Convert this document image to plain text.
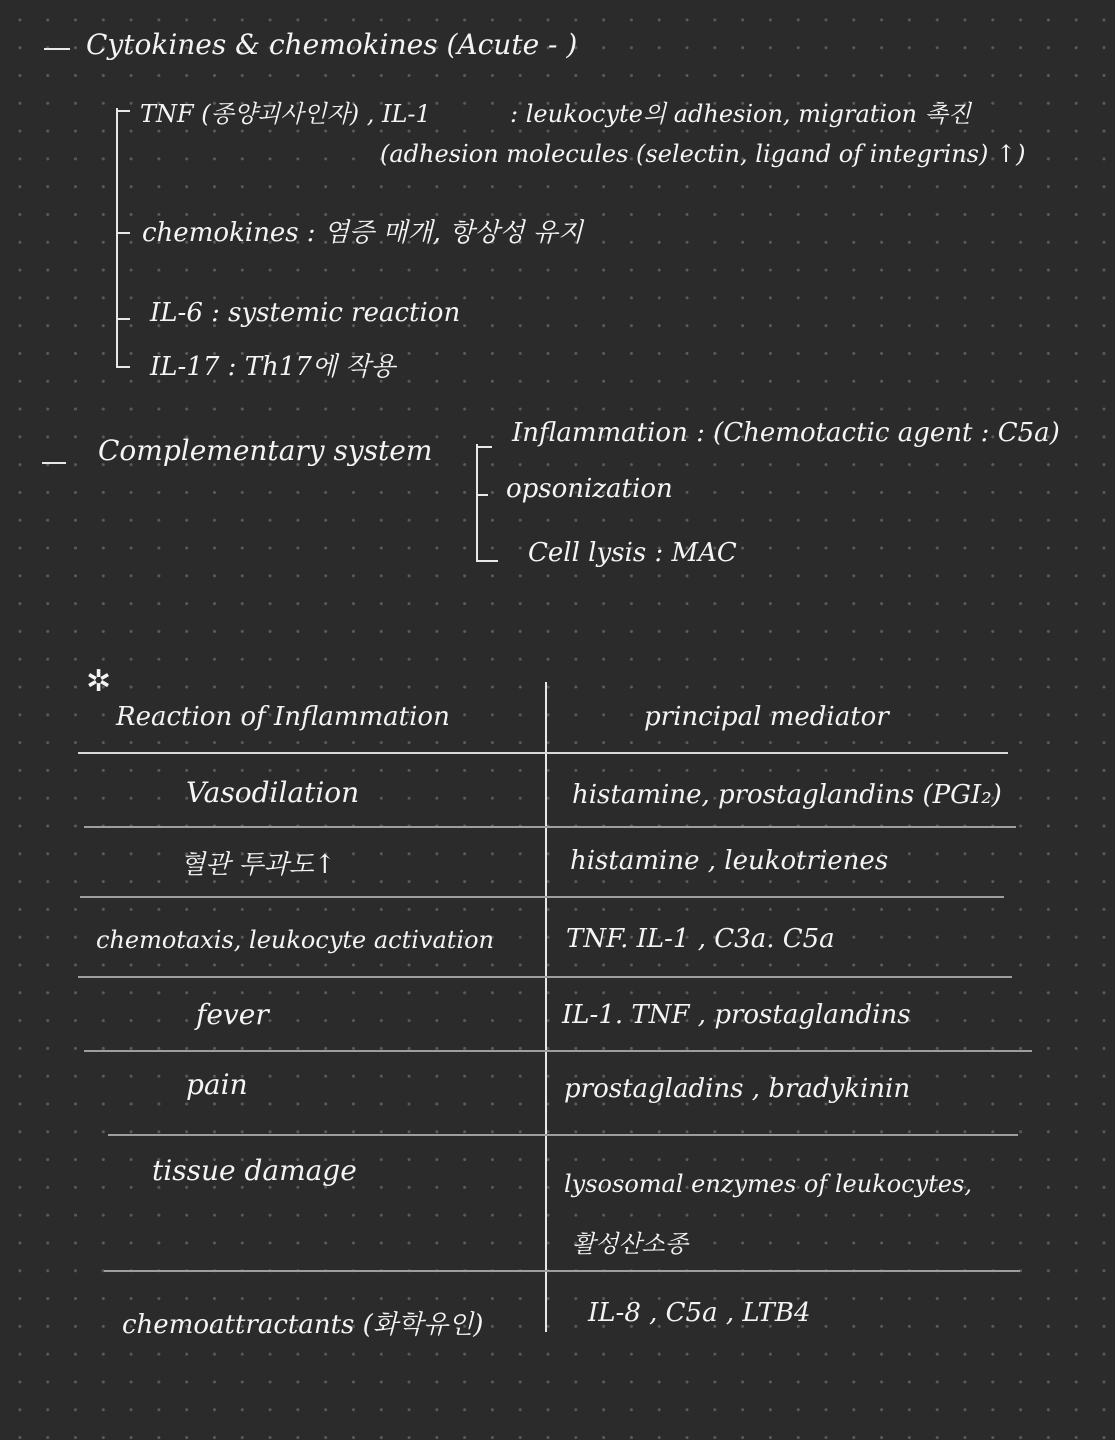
Cytokines & chemokines (Acute - )
TNF (종양괴사인자) , IL-1	: leukocyte의 adhesion, migration 촉진
(adhesion molecules (selectin, ligand of integrins) ↑)
chemokines : 염증 매개, 항상성 유지
IL-6 : systemic reaction
IL-17 : Th17에 작용
Complementary system
Inflammation : (Chemotactic agent : C5a)
opsonization
Cell lysis : MAC
✲
Reaction of Inflammation	principal mediator
Vasodilation	histamine, prostaglandins (PGI₂)
혈관 투과도↑	histamine , leukotrienes
chemotaxis, leukocyte activation	TNF. IL-1 , C3a. C5a
fever	IL-1. TNF , prostaglandins
pain	prostagladins , bradykinin
tissue damage	lysosomal enzymes of leukocytes,
활성산소종
chemoattractants (화학유인)	IL-8 , C5a , LTB4
